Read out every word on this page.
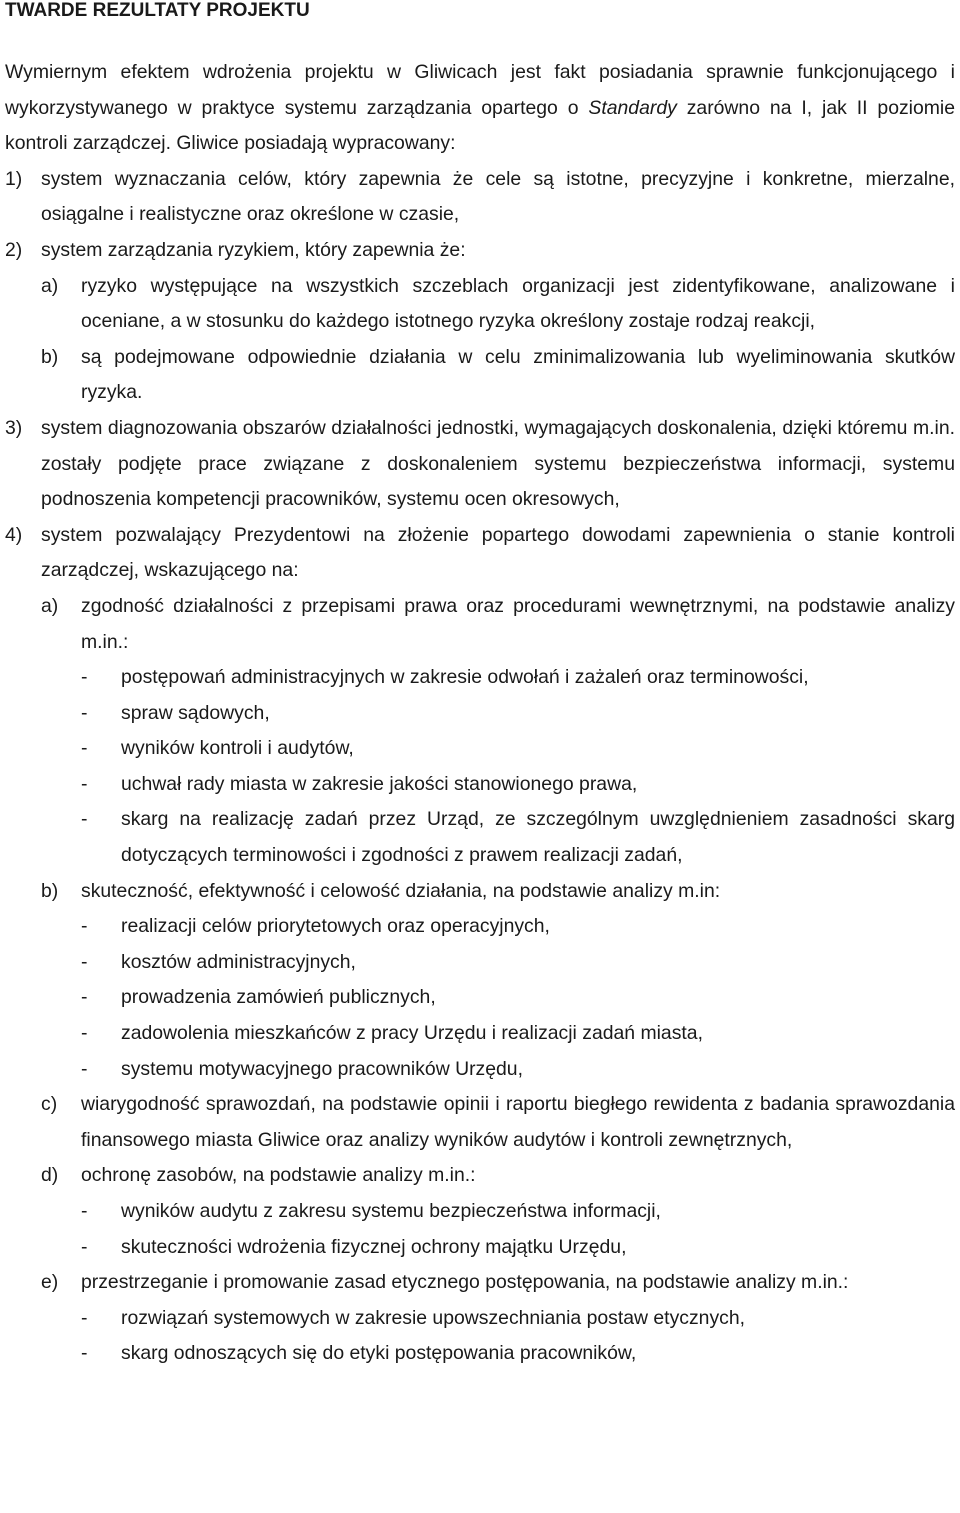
TWARDE REZULTATY PROJEKTU
Wymiernym efektem wdrożenia projektu w Gliwicach jest fakt posiadania sprawnie funkcjonującego i wykorzystywanego w praktyce systemu zarządzania opartego o Standardy zarówno na I, jak II poziomie kontroli zarządczej. Gliwice posiadają wypracowany:
1) system wyznaczania celów, który zapewnia że cele są istotne, precyzyjne i konkretne, mierzalne, osiągalne i realistyczne oraz określone w czasie,
2) system zarządzania ryzykiem, który zapewnia że:
a)	ryzyko występujące na wszystkich szczeblach organizacji jest zidentyfikowane, analizowane i oceniane, a w stosunku do każdego istotnego ryzyka określony zostaje rodzaj reakcji,
b)	są podejmowane odpowiednie działania w celu zminimalizowania lub wyeliminowania skutków ryzyka.
3) system diagnozowania obszarów działalności jednostki, wymagających doskonalenia, dzięki któremu m.in. zostały podjęte prace związane z doskonaleniem systemu bezpieczeństwa informacji, systemu podnoszenia kompetencji pracowników, systemu ocen okresowych,
4) system pozwalający Prezydentowi na złożenie popartego dowodami zapewnienia o stanie kontroli zarządczej, wskazującego na:
a)	zgodność działalności z przepisami prawa oraz procedurami wewnętrznymi, na podstawie analizy m.in.:
-	postępowań administracyjnych w zakresie odwołań i zażaleń oraz terminowości,
-	spraw sądowych,
-	wyników kontroli i audytów,
-	uchwał rady miasta w zakresie jakości stanowionego prawa,
-	skarg na realizację zadań przez Urząd, ze szczególnym uwzględnieniem zasadności skarg dotyczących terminowości i zgodności z prawem realizacji zadań,
b)	skuteczność, efektywność i celowość działania, na podstawie analizy m.in:
-	realizacji celów priorytetowych oraz operacyjnych,
-	kosztów administracyjnych,
-	prowadzenia zamówień publicznych,
-	zadowolenia mieszkańców z pracy Urzędu i realizacji zadań miasta,
-	systemu motywacyjnego pracowników Urzędu,
c)	wiarygodność sprawozdań, na podstawie opinii i raportu biegłego rewidenta z badania sprawozdania finansowego miasta Gliwice oraz analizy wyników audytów i kontroli zewnętrznych,
d)	ochronę zasobów, na podstawie analizy m.in.:
-	wyników audytu z zakresu systemu bezpieczeństwa informacji,
-	skuteczności wdrożenia fizycznej ochrony majątku Urzędu,
e)	przestrzeganie i promowanie zasad etycznego postępowania, na podstawie analizy m.in.:
-	rozwiązań systemowych w zakresie upowszechniania postaw etycznych,
-	skarg odnoszących się do etyki postępowania pracowników,
